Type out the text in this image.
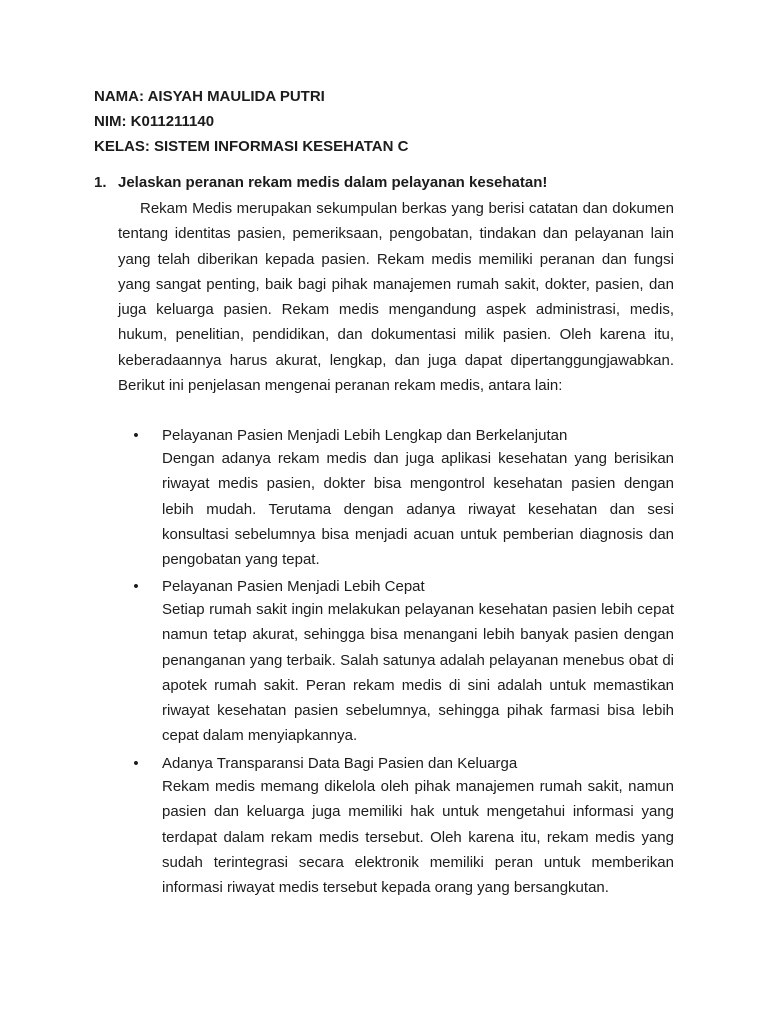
NAMA: AISYAH MAULIDA PUTRI
NIM: K011211140
KELAS: SISTEM INFORMASI KESEHATAN C
1. Jelaskan peranan rekam medis dalam pelayanan kesehatan!

Rekam Medis merupakan sekumpulan berkas yang berisi catatan dan dokumen tentang identitas pasien, pemeriksaan, pengobatan, tindakan dan pelayanan lain yang telah diberikan kepada pasien. Rekam medis memiliki peranan dan fungsi yang sangat penting, baik bagi pihak manajemen rumah sakit, dokter, pasien, dan juga keluarga pasien. Rekam medis mengandung aspek administrasi, medis, hukum, penelitian, pendidikan, dan dokumentasi milik pasien. Oleh karena itu, keberadaannya harus akurat, lengkap, dan juga dapat dipertanggungjawabkan. Berikut ini penjelasan mengenai peranan rekam medis, antara lain:

• Pelayanan Pasien Menjadi Lebih Lengkap dan Berkelanjutan

Dengan adanya rekam medis dan juga aplikasi kesehatan yang berisikan riwayat medis pasien, dokter bisa mengontrol kesehatan pasien dengan lebih mudah. Terutama dengan adanya riwayat kesehatan dan sesi konsultasi sebelumnya bisa menjadi acuan untuk pemberian diagnosis dan pengobatan yang tepat.

• Pelayanan Pasien Menjadi Lebih Cepat

Setiap rumah sakit ingin melakukan pelayanan kesehatan pasien lebih cepat namun tetap akurat, sehingga bisa menangani lebih banyak pasien dengan penanganan yang terbaik. Salah satunya adalah pelayanan menebus obat di apotek rumah sakit. Peran rekam medis di sini adalah untuk memastikan riwayat kesehatan pasien sebelumnya, sehingga pihak farmasi bisa lebih cepat dalam menyiapkannya.

• Adanya Transparansi Data Bagi Pasien dan Keluarga

Rekam medis memang dikelola oleh pihak manajemen rumah sakit, namun pasien dan keluarga juga memiliki hak untuk mengetahui informasi yang terdapat dalam rekam medis tersebut. Oleh karena itu, rekam medis yang sudah terintegrasi secara elektronik memiliki peran untuk memberikan informasi riwayat medis tersebut kepada orang yang bersangkutan.
